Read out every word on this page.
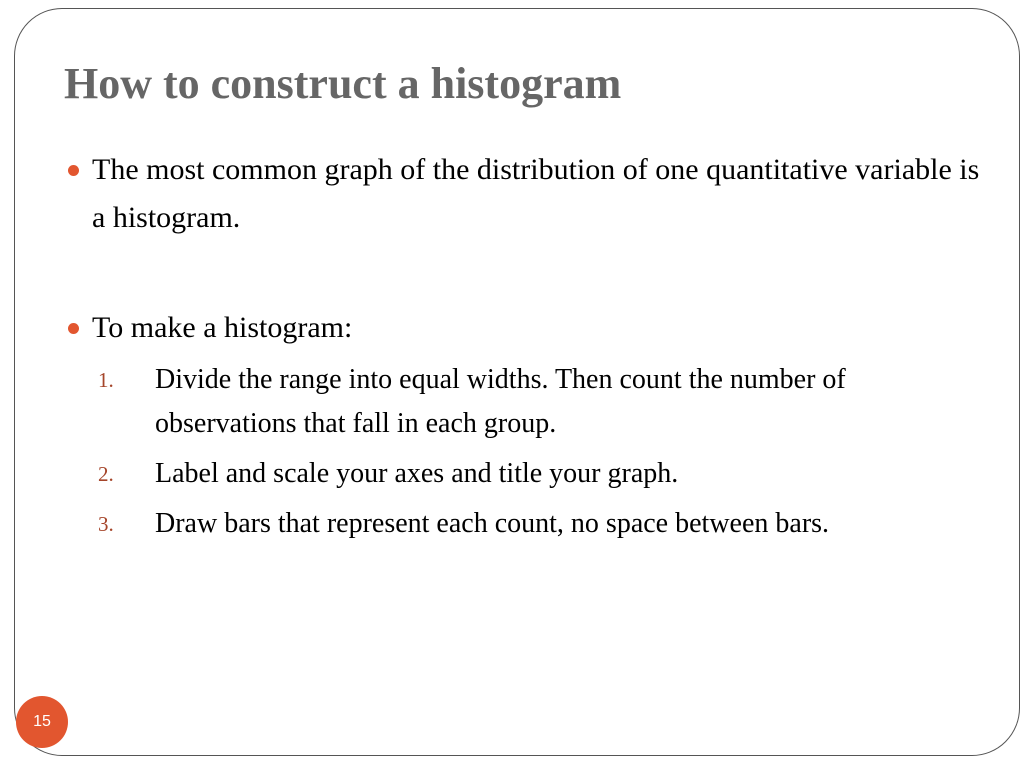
How to construct a histogram
The most common graph of the distribution of one quantitative variable is a histogram.
To make a histogram:
1. Divide the range into equal widths. Then count the number of observations that fall in each group.
2. Label and scale your axes and title your graph.
3. Draw bars that represent each count, no space between bars.
15
